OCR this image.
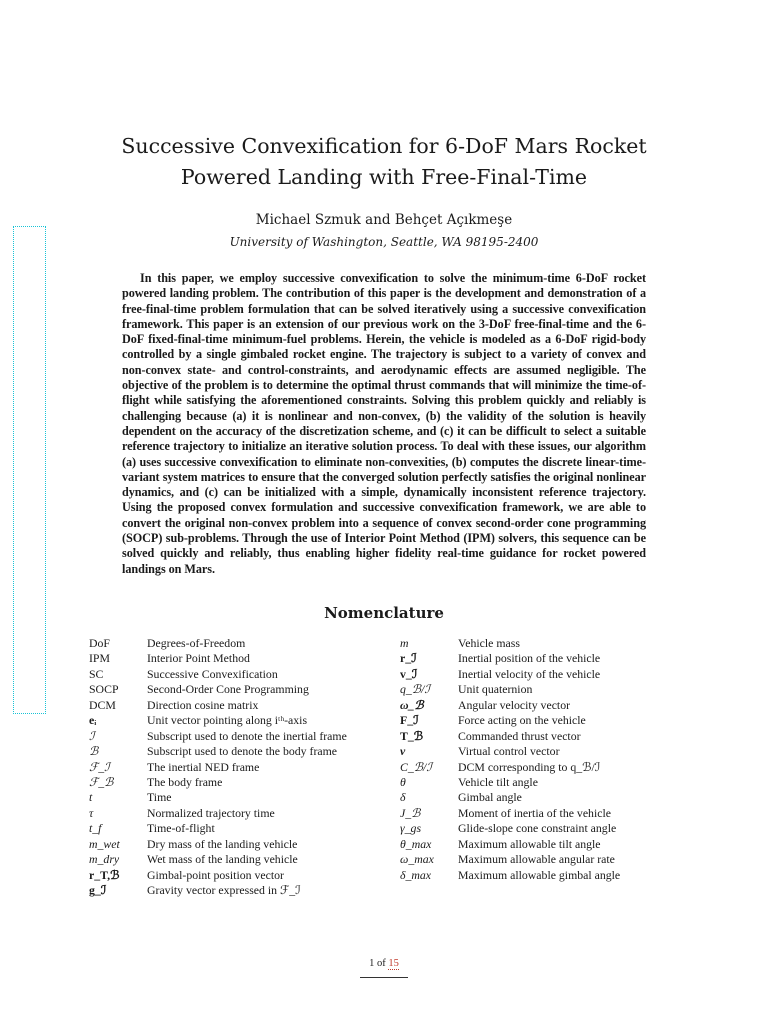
Successive Convexification for 6-DoF Mars Rocket Powered Landing with Free-Final-Time
Michael Szmuk and Behçet Açıkmeşe
University of Washington, Seattle, WA 98195-2400

In this paper, we employ successive convexification to solve the minimum-time 6-DoF rocket powered landing problem. The contribution of this paper is the development and demonstration of a free-final-time problem formulation that can be solved iteratively using a successive convexification framework. This paper is an extension of our previous work on the 3-DoF free-final-time and the 6-DoF fixed-final-time minimum-fuel problems. Herein, the vehicle is modeled as a 6-DoF rigid-body controlled by a single gimbaled rocket engine. The trajectory is subject to a variety of convex and non-convex state- and control-constraints, and aerodynamic effects are assumed negligible. The objective of the problem is to determine the optimal thrust commands that will minimize the time-of-flight while satisfying the aforementioned constraints. Solving this problem quickly and reliably is challenging because (a) it is nonlinear and non-convex, (b) the validity of the solution is heavily dependent on the accuracy of the discretization scheme, and (c) it can be difficult to select a suitable reference trajectory to initialize an iterative solution process. To deal with these issues, our algorithm (a) uses successive convexification to eliminate non-convexities, (b) computes the discrete linear-time-variant system matrices to ensure that the converged solution perfectly satisfies the original nonlinear dynamics, and (c) can be initialized with a simple, dynamically inconsistent reference trajectory. Using the proposed convex formulation and successive convexification framework, we are able to convert the original non-convex problem into a sequence of convex second-order cone programming (SOCP) sub-problems. Through the use of Interior Point Method (IPM) solvers, this sequence can be solved quickly and reliably, thus enabling higher fidelity real-time guidance for rocket powered landings on Mars.

Nomenclature
DoF	Degrees-of-Freedom
IPM	Interior Point Method
SC	Successive Convexification
SOCP	Second-Order Cone Programming
DCM	Direction cosine matrix
eᵢ	Unit vector pointing along iᵗʰ-axis
ℐ	Subscript used to denote the inertial frame
ℬ	Subscript used to denote the body frame
ℱ_ℐ	The inertial NED frame
ℱ_ℬ	The body frame
t	Time
τ	Normalized trajectory time
t_f	Time-of-flight
m_wet	Dry mass of the landing vehicle
m_dry	Wet mass of the landing vehicle
r_T,ℬ	Gimbal-point position vector
g_ℐ	Gravity vector expressed in ℱ_ℐ
m	Vehicle mass
r_ℐ	Inertial position of the vehicle
v_ℐ	Inertial velocity of the vehicle
q_ℬ/ℐ	Unit quaternion
ω_ℬ	Angular velocity vector
F_ℐ	Force acting on the vehicle
T_ℬ	Commanded thrust vector
ν	Virtual control vector
C_ℬ/ℐ	DCM corresponding to q_ℬ/ℐ
θ	Vehicle tilt angle
δ	Gimbal angle
J_ℬ	Moment of inertia of the vehicle
γ_gs	Glide-slope cone constraint angle
θ_max	Maximum allowable tilt angle
ω_max	Maximum allowable angular rate
δ_max	Maximum allowable gimbal angle
1 of 15
